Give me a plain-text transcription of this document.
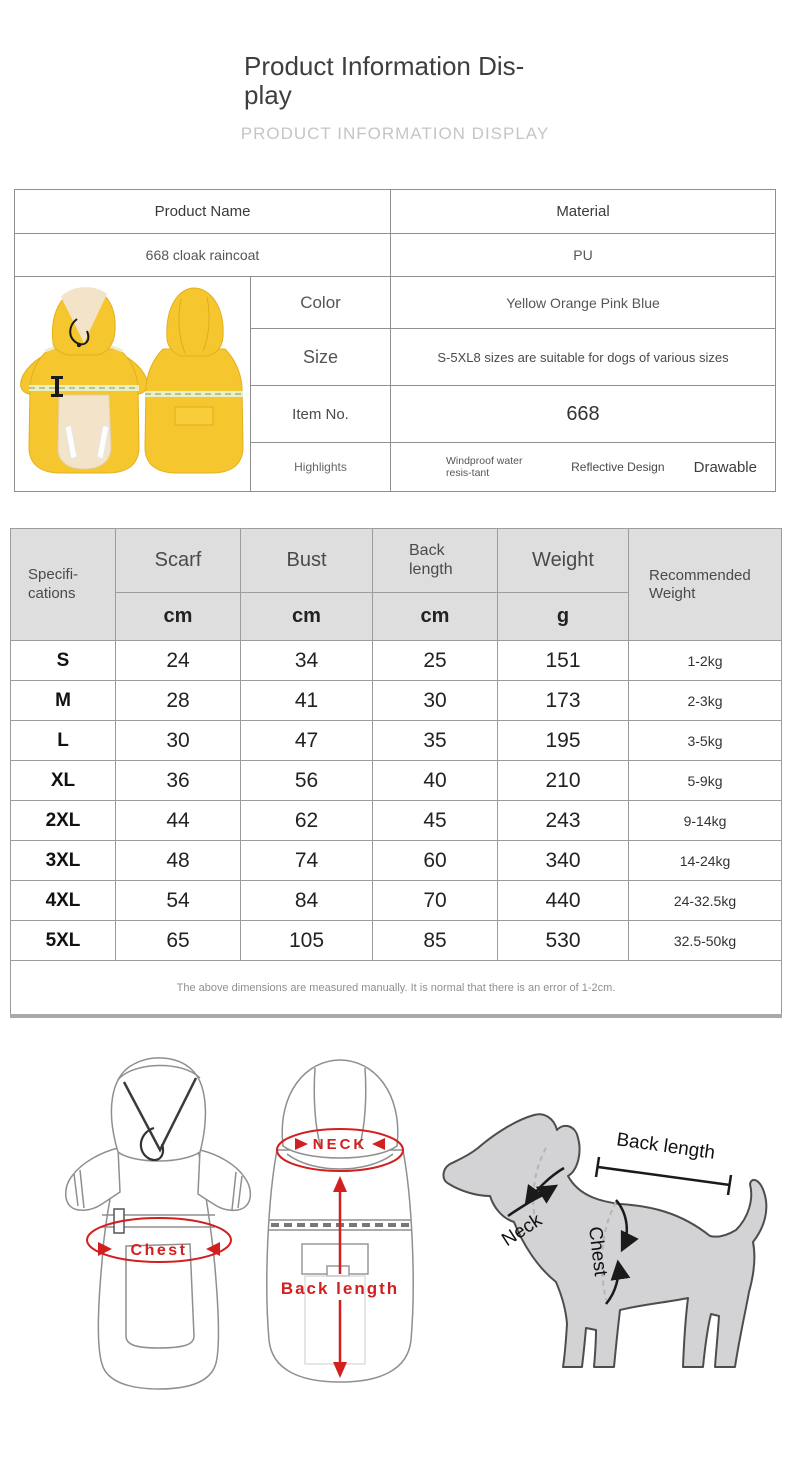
Product Information Dis-
play
PRODUCT INFORMATION DISPLAY
Product Name		Material
668 cloak raincoat		PU
	Color	Yellow Orange Pink Blue
	Size	S-5XL8 sizes are suitable for dogs of various sizes
	Item No.	668
	Highlights	Windproof water resis-tant Reflective Design Drawable
Specifi-cations	Scarf	Bust	Back length	Weight	Recommended Weight
	cm	cm	cm	g	
S	24	34	25	151	1-2kg
M	28	41	30	173	2-3kg
L	30	47	35	195	3-5kg
XL	36	56	40	210	5-9kg
2XL	44	62	45	243	9-14kg
3XL	48	74	60	340	14-24kg
4XL	54	84	70	440	24-32.5kg
5XL	65	105	85	530	32.5-50kg
The above dimensions are measured manually. It is normal that there is an error of 1-2cm.					
Chest
NECK
Back length
Back length
Neck Chest
